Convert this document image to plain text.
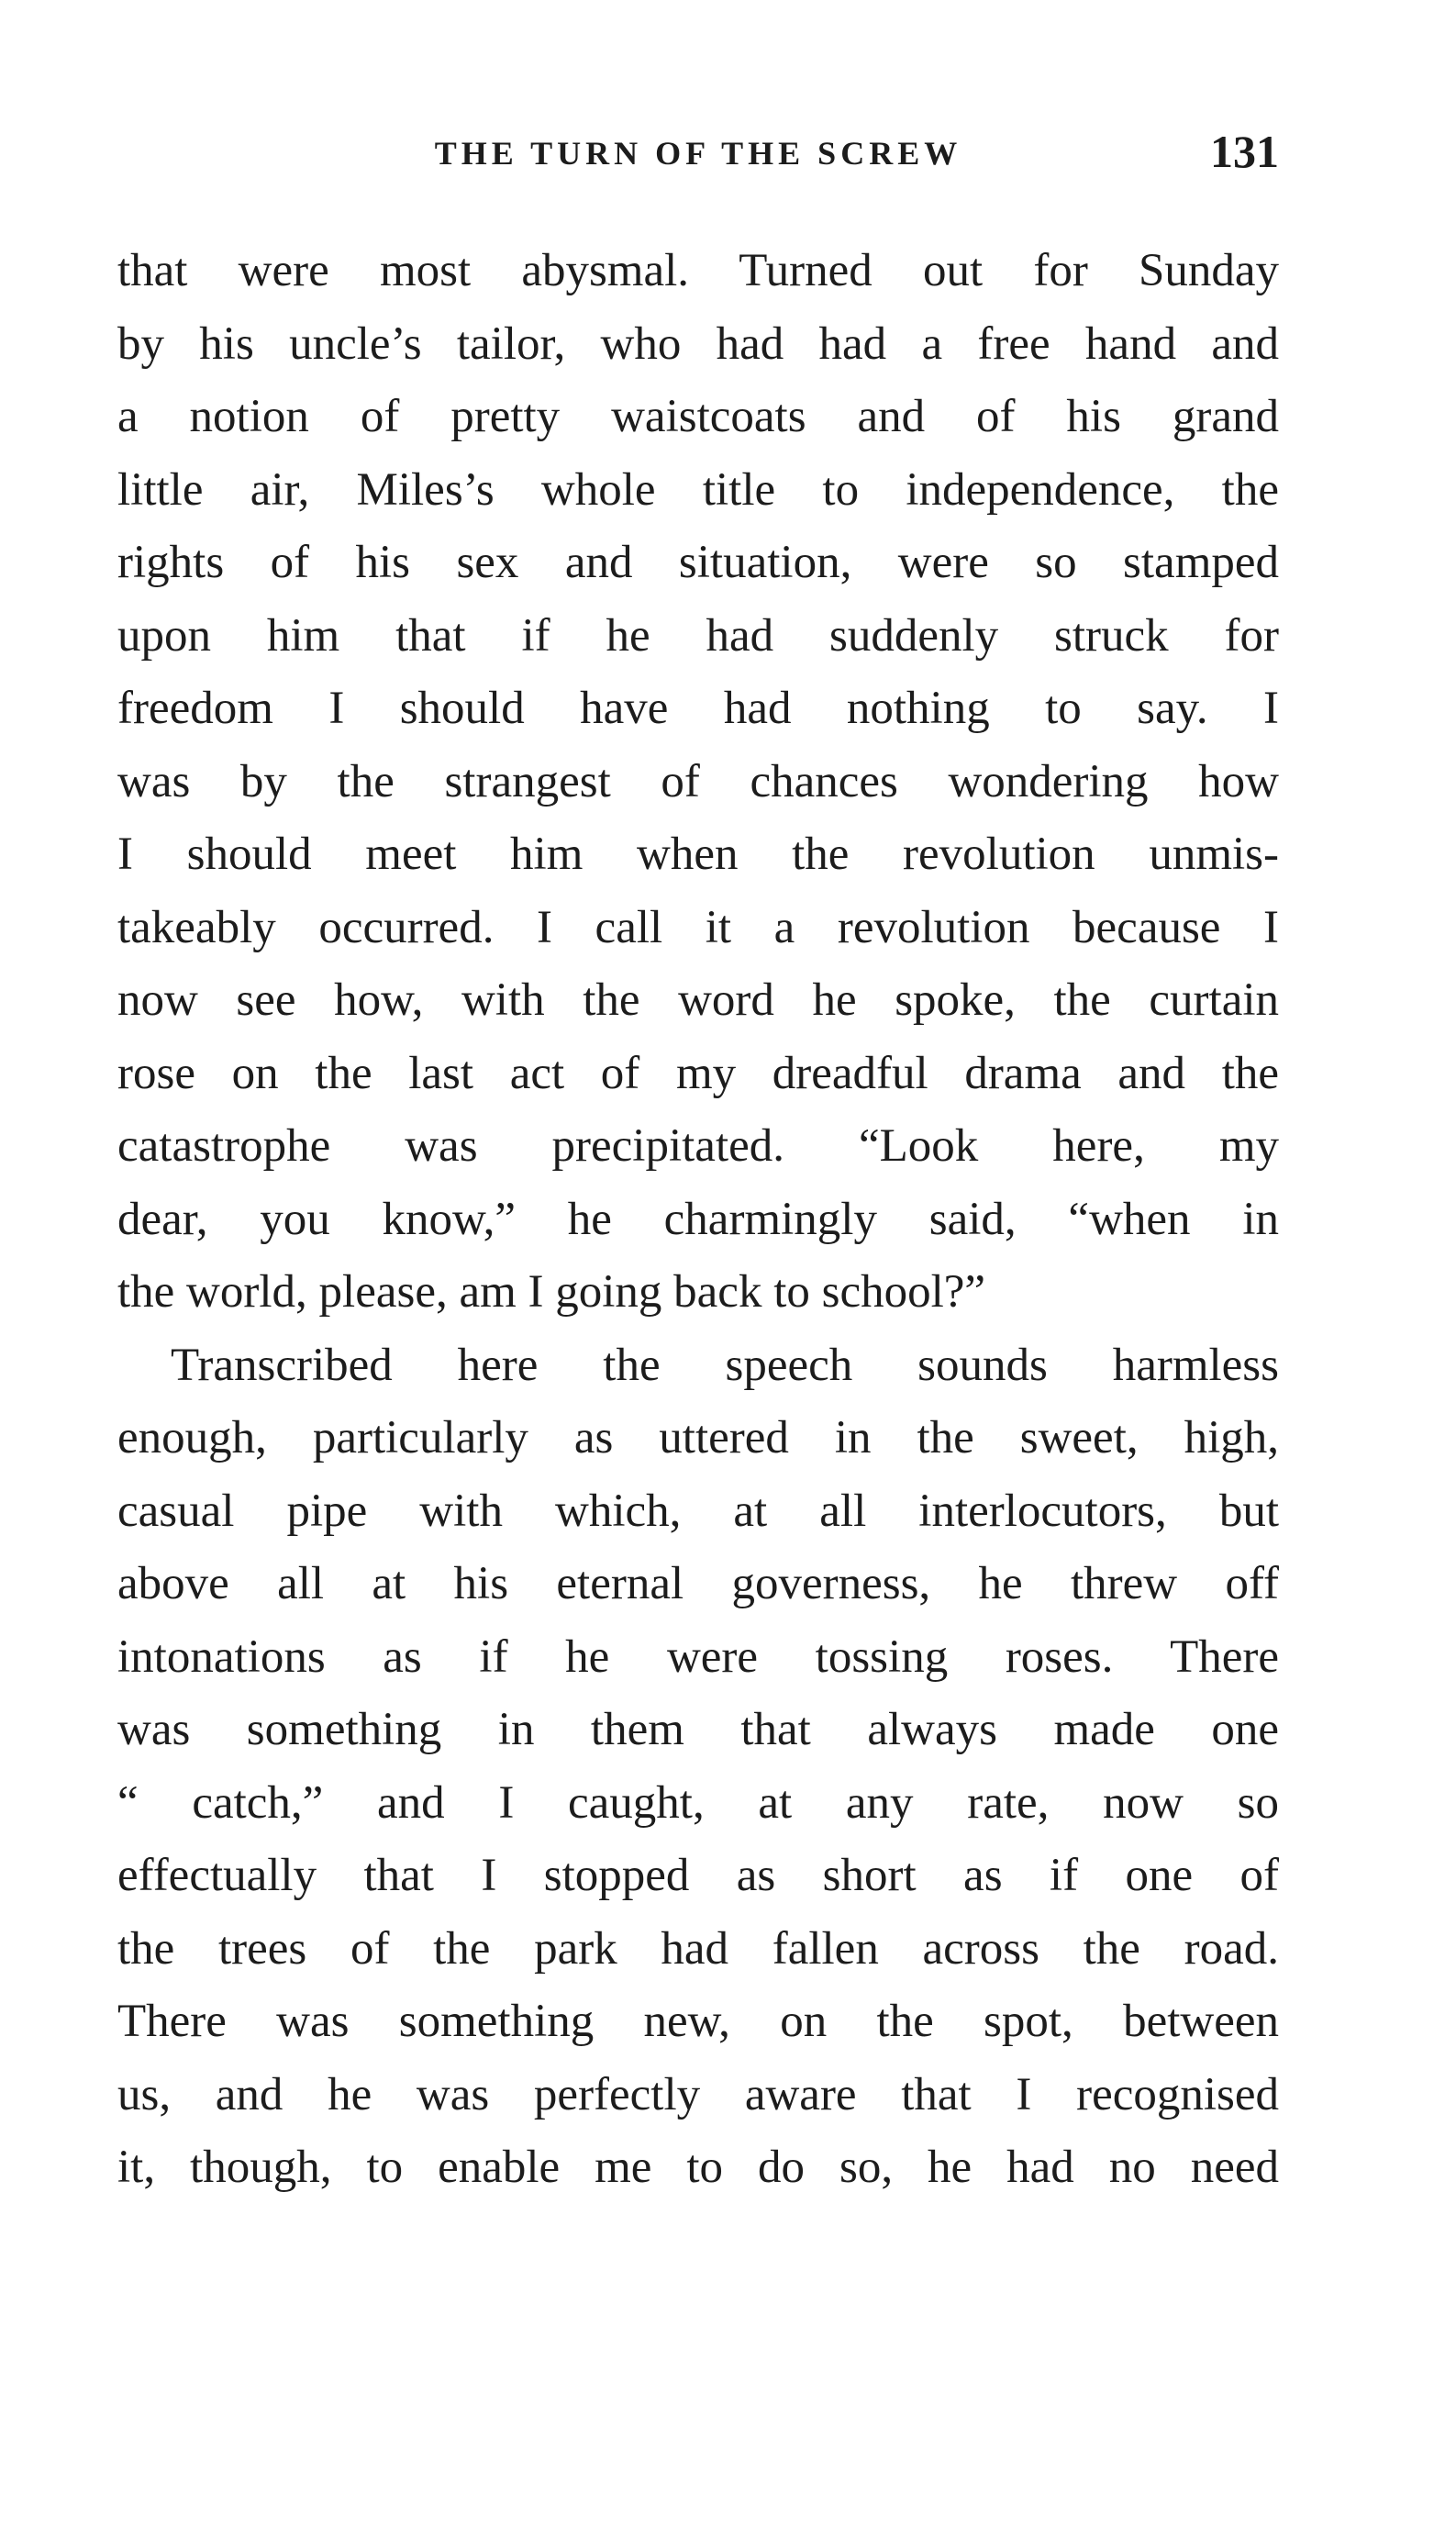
THE TURN OF THE SCREW	131
that were most abysmal. Turned out for Sunday
by his uncle’s tailor, who had had a free hand and
a notion of pretty waistcoats and of his grand
little air, Miles’s whole title to independence, the
rights of his sex and situation, were so stamped
upon him that if he had suddenly struck for
freedom I should have had nothing to say. I
was by the strangest of chances wondering how
I should meet him when the revolution unmis-
takeably occurred. I call it a revolution because I
now see how, with the word he spoke, the curtain
rose on the last act of my dreadful drama and the
catastrophe was precipitated. “Look here, my
dear, you know,” he charmingly said, “when in
the world, please, am I going back to school?”
Transcribed here the speech sounds harmless
enough, particularly as uttered in the sweet, high,
casual pipe with which, at all interlocutors, but
above all at his eternal governess, he threw off
intonations as if he were tossing roses. There
was something in them that always made one
“ catch,” and I caught, at any rate, now so
effectually that I stopped as short as if one of
the trees of the park had fallen across the road.
There was something new, on the spot, between
us, and he was perfectly aware that I recognised
it, though, to enable me to do so, he had no need
